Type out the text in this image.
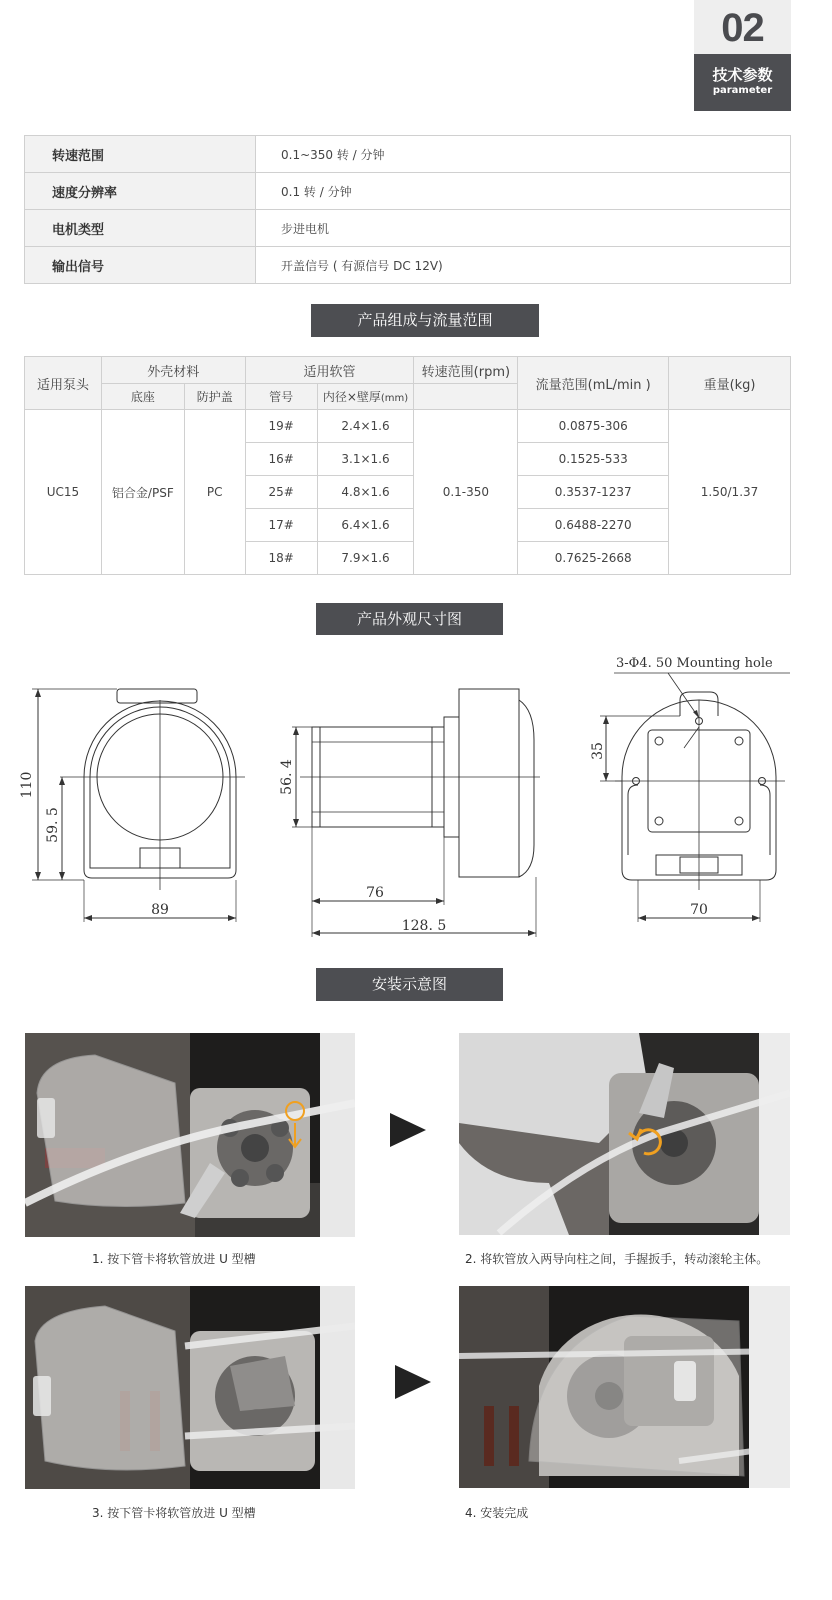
02
技术参数
parameter
转速范围	0.1~350 转 / 分钟
速度分辨率	0.1 转 / 分钟
电机类型	步进电机
输出信号	开盖信号 ( 有源信号 DC 12V)
产品组成与流量范围
适用泵头	外壳材料		适用软管		转速范围(rpm)	流量范围(mL/min )	重量(kg)
	底座	防护盖	管号	内径×壁厚(mm)			
UC15	铝合金/PSF	PC	19#	2.4×1.6	0.1-350	0.0875-306	1.50/1.37
			16#	3.1×1.6		0.1525-533	
			25#	4.8×1.6		0.3537-1237	
			17#	6.4×1.6		0.6488-2270	
			18#	7.9×1.6		0.7625-2668	
产品外观尺寸图
110
59. 5
89
56. 4
76
128. 5
35
70
3-Φ4. 50 Mounting hole
安装示意图
1. 按下管卡将软管放进 U 型槽	2. 将软管放入两导向柱之间，手握扳手，转动滚轮主体。
3. 按下管卡将软管放进 U 型槽	4. 安装完成
